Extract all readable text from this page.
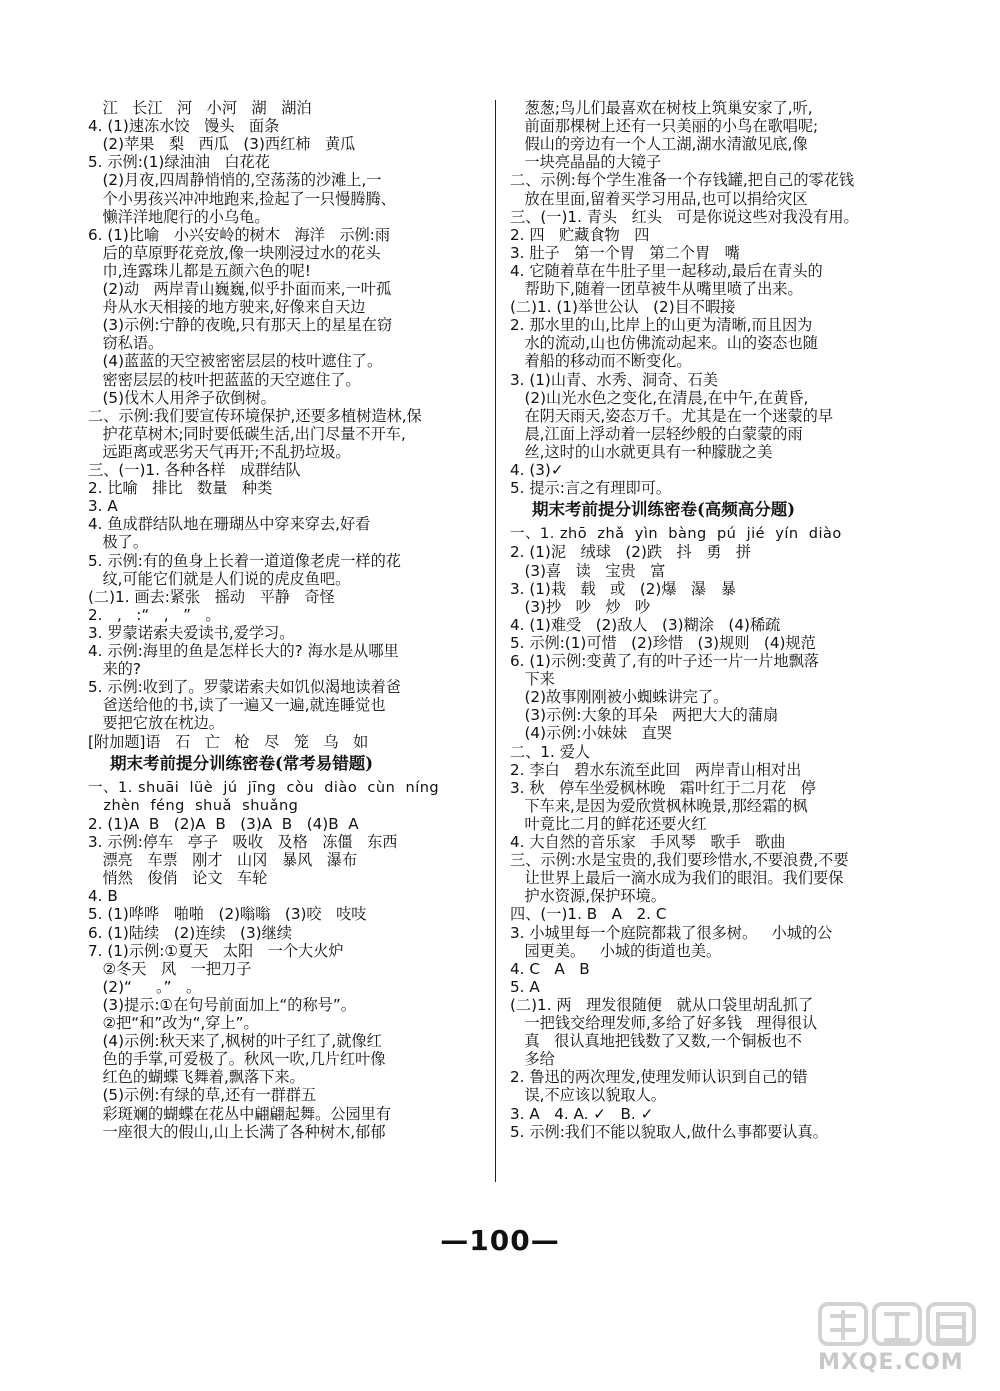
江   长江   河   小河   湖   湖泊
4. (1)速冻水饺   馒头   面条
(2)苹果   梨   西瓜   (3)西红柿   黄瓜
5. 示例:(1)绿油油   白花花
(2)月夜,四周静悄悄的,空荡荡的沙滩上,一
个小男孩兴冲冲地跑来,捡起了一只慢腾腾、
懒洋洋地爬行的小乌龟。
6. (1)比喻   小兴安岭的树木   海洋   示例:雨
后的草原野花竞放,像一块刚浸过水的花头
巾,连露珠儿都是五颜六色的呢!
(2)动   两岸青山巍巍,似乎扑面而来,一叶孤
舟从水天相接的地方驶来,好像来自天边
(3)示例:宁静的夜晚,只有那天上的星星在窃
窃私语。
(4)蓝蓝的天空被密密层层的枝叶遮住了。
密密层层的枝叶把蓝蓝的天空遮住了。
(5)伐木人用斧子砍倒树。
二、示例:我们要宣传环境保护,还要多植树造林,保
护花草树木;同时要低碳生活,出门尽量不开车,
远距离或恶劣天气再开;不乱扔垃圾。
三、(一)1. 各种各样   成群结队
2. 比喻   排比   数量   种类
3. A
4. 鱼成群结队地在珊瑚丛中穿来穿去,好看
极了。
5. 示例:有的鱼身上长着一道道像老虎一样的花
纹,可能它们就是人们说的虎皮鱼吧。
(二)1. 画去:紧张   摇动   平静   奇怪
2.   ,   :“   ,   ”   。
3. 罗蒙诺索夫爱读书,爱学习。
4. 示例:海里的鱼是怎样长大的? 海水是从哪里
来的?
5. 示例:收到了。罗蒙诺索夫如饥似渴地读着爸
爸送给他的书,读了一遍又一遍,就连睡觉也
要把它放在枕边。
[附加题]语   石   亡   枪   尽   笼   乌   如
期末考前提分训练密卷(常考易错题)
一、1. shuāi  lüè  jú  jīng  còu  diào  cùn  níng
zhèn  féng  shuǎ  shuǎng
2. (1)A  B   (2)A  B   (3)A  B   (4)B  A
3. 示例:停车   亭子   吸收   及格   冻僵   东西
漂亮   车票   刚才   山冈   暴风   瀑布
悄然   俊俏   论文   车轮
4. B
5. (1)哗哗   啪啪   (2)嗡嗡   (3)咬   吱吱
6. (1)陆续   (2)连续   (3)继续
7. (1)示例:①夏天   太阳   一个大火炉
②冬天   风   一把刀子
(2)“     。”   。
(3)提示:①在句号前面加上“的称号”。
②把“和”改为“,穿上”。
(4)示例:秋天来了,枫树的叶子红了,就像红
色的手掌,可爱极了。秋风一吹,几片红叶像
红色的蝴蝶飞舞着,飘落下来。
(5)示例:有绿的草,还有一群群五
彩斑斓的蝴蝶在花丛中翩翩起舞。公园里有
一座很大的假山,山上长满了各种树木,郁郁
葱葱;鸟儿们最喜欢在树枝上筑巢安家了,听,
前面那棵树上还有一只美丽的小鸟在歌唱呢;
假山的旁边有一个人工湖,湖水清澈见底,像
一块亮晶晶的大镜子
二、示例:每个学生准备一个存钱罐,把自己的零花钱
放在里面,留着买学习用品,也可以捐给灾区
三、(一)1. 青头   红头   可是你说这些对我没有用。
2. 四   贮藏食物   四
3. 肚子   第一个胃   第二个胃   嘴
4. 它随着草在牛肚子里一起移动,最后在青头的
帮助下,随着一团草被牛从嘴里喷了出来。
(二)1. (1)举世公认   (2)目不暇接
2. 那水里的山,比岸上的山更为清晰,而且因为
水的流动,山也仿佛流动起来。山的姿态也随
着船的移动而不断变化。
3. (1)山青、水秀、洞奇、石美
(2)山光水色之变化,在清晨,在中午,在黄昏,
在阴天雨天,姿态万千。尤其是在一个迷蒙的早
晨,江面上浮动着一层轻纱般的白蒙蒙的雨
丝,这时的山水就更具有一种朦胧之美
4. (3)✓
5. 提示:言之有理即可。
期末考前提分训练密卷(高频高分题)
一、1. zhō  zhǎ  yìn  bàng  pú  jié  yín  diào
2. (1)泥   绒球   (2)跌   抖   勇   拼
(3)喜   读   宝贵   富
3. (1)栽   载   或   (2)爆   瀑   暴
(3)抄   吵   炒   吵
4. (1)难受   (2)敌人   (3)糊涂   (4)稀疏
5. 示例:(1)可惜   (2)珍惜   (3)规则   (4)规范
6. (1)示例:变黄了,有的叶子还一片一片地飘落
下来
(2)故事刚刚被小蜘蛛讲完了。
(3)示例:大象的耳朵   两把大大的蒲扇
(4)示例:小妹妹   直哭
二、1. 爱人
2. 李白   碧水东流至此回   两岸青山相对出
3. 秋   停车坐爱枫林晚   霜叶红于二月花   停
下车来,是因为爱欣赏枫林晚景,那经霜的枫
叶竟比二月的鲜花还要火红
4. 大自然的音乐家   手风琴   歌手   歌曲
三、示例:水是宝贵的,我们要珍惜水,不要浪费,不要
让世界上最后一滴水成为我们的眼泪。我们要保
护水资源,保护环境。
四、(一)1. B   A   2. C
3. 小城里每一个庭院都栽了很多树。   小城的公
园更美。   小城的街道也美。
4. C   A   B
5. A
(二)1. 两   理发很随便   就从口袋里胡乱抓了
一把钱交给理发师,多给了好多钱   理得很认
真   很认真地把钱数了又数,一个铜板也不
多给
2. 鲁迅的两次理发,使理发师认识到自己的错
误,不应该以貌取人。
3. A   4. A. ✓   B. ✓
5. 示例:我们不能以貌取人,做什么事都要认真。
—100—
MXQE.COM
